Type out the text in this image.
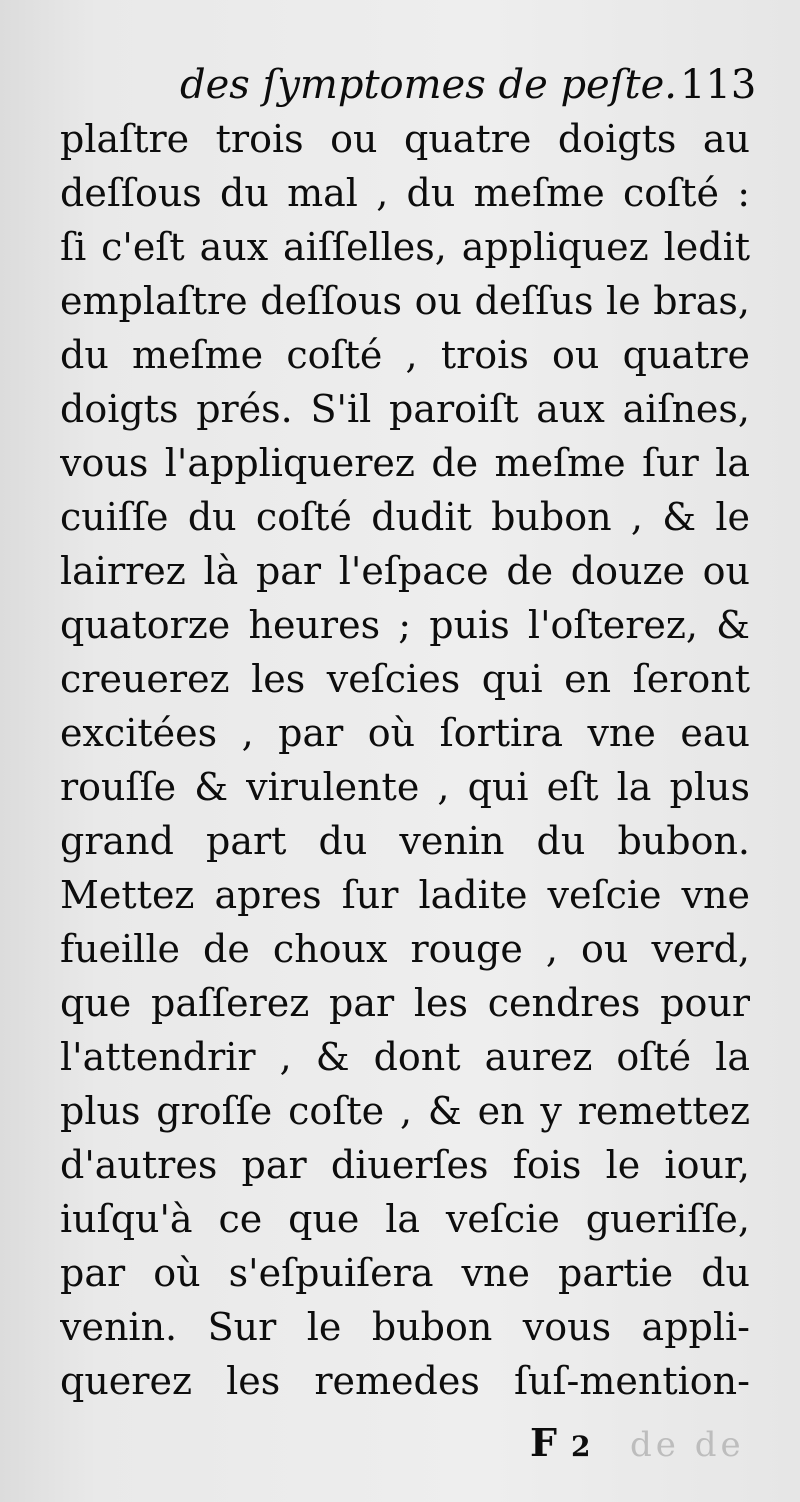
des ſymptomes de peſte. 113
plaſtre trois ou quatre doigts au
deſſous du mal , du meſme coſté :
ſi c'eſt aux aiſſelles, appliquez ledit
emplaſtre deſſous ou deſſus le bras,
du meſme coſté , trois ou quatre
doigts prés. S'il paroiſt aux aiſnes,
vous l'appliquerez de meſme ſur la
cuiſſe du coſté dudit bubon , & le
lairrez là par l'eſpace de douze ou
quatorze heures ; puis l'oſterez, &
creuerez les veſcies qui en ſeront
excitées , par où ſortira vne eau
rouſſe & virulente , qui eſt la plus
grand part du venin du bubon.
Mettez apres ſur ladite veſcie vne
fueille de choux rouge , ou verd,
que paſſerez par les cendres pour
l'attendrir , & dont aurez oſté la
plus groſſe coſte , & en y remettez
d'autres par diuerſes fois le iour,
iuſqu'à ce que la veſcie gueriſſe,
par où s'eſpuiſera vne partie du
venin. Sur le bubon vous appli-
querez les remedes ſuſ-mention-
F 2 de de
